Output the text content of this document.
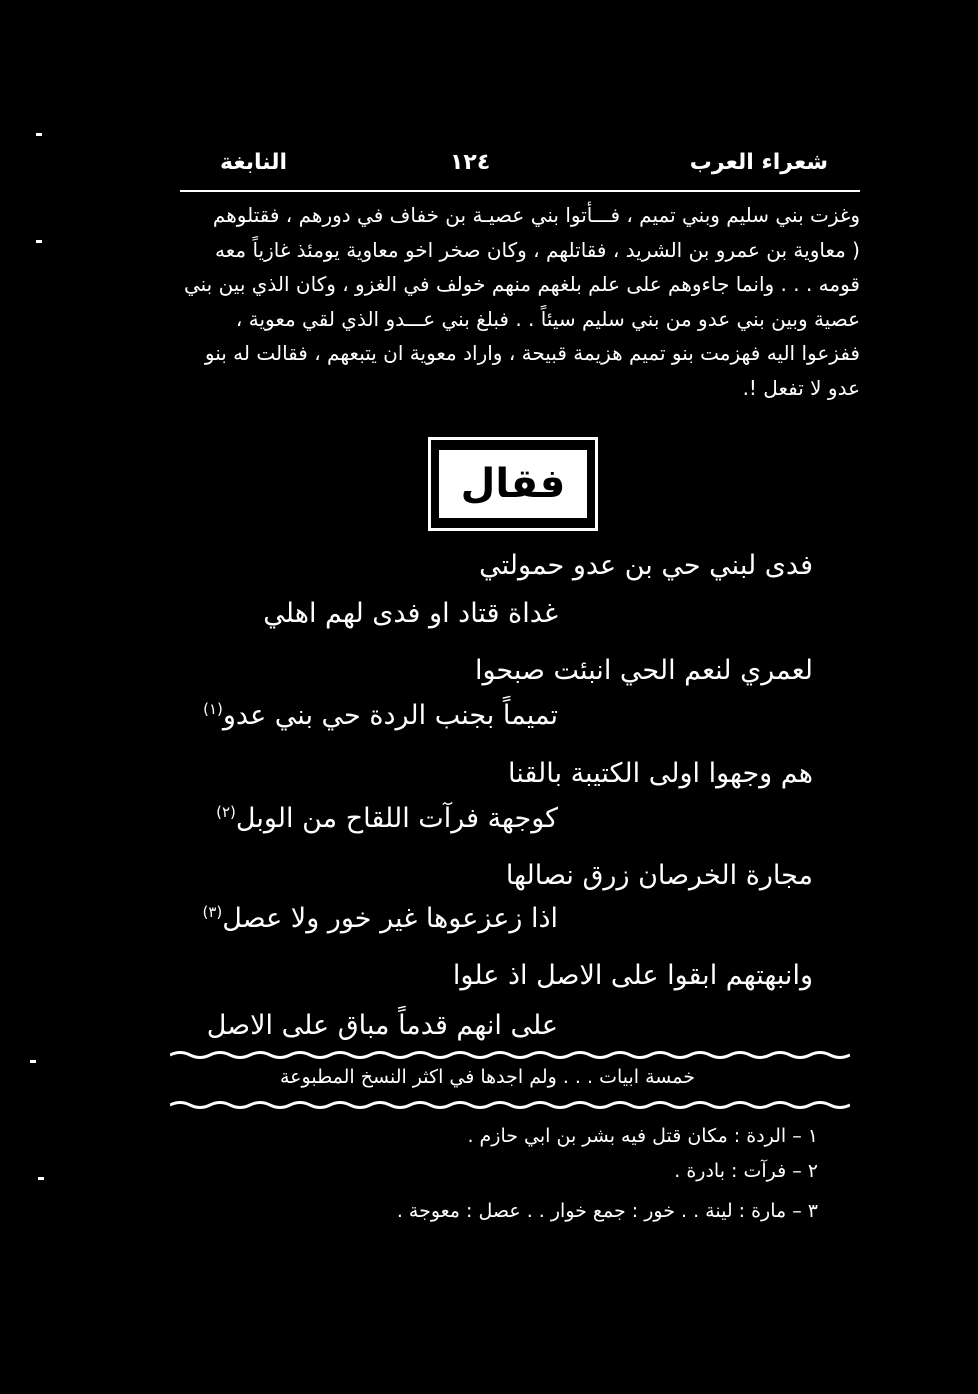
النابغة	١٢٤	شعراء العرب
وغزت بني سليم وبني تميم ، فـــأتوا بني عصيـة بن خفاف في دورهم ، فقتلوهم
( معاوية بن عمرو بن الشريد ، فقاتلهم ، وكان صخر اخو معاوية يومئذ غازياً معه
قومه . . . وانما جاءوهم على علم بلغهم منهم خولف في الغزو ، وكان الذي بين بني
عصية وبين بني عدو من بني سليم سيئاً . . فبلغ بني عـــدو الذي لقي معوية ،
ففزعوا اليه فهزمت بنو تميم هزيمة قبيحة ، واراد معوية ان يتبعهم ، فقالت له بنو
عدو لا تفعل !.
فقال
فدى لبني حي بن عدو حمولتي
غداة قتاد او فدى لهم اهلي
لعمري لنعم الحي انبئت صبحوا
تميماً بجنب الردة حي بني عدو$^{(١)}$
هم وجهوا اولى الكتيبة بالقنا
كوجهة فرآت اللقاح من الوبل$^{(٢)}$
مجارة الخرصان زرق نصالها
اذا زعزعوها غير خور ولا عصل$^{(٣)}$
وانبهتهم ابقوا على الاصل اذ علوا
على انهم قدماً مباق على الاصل
خمسة ابيات . . . ولم اجدها في اكثر النسخ المطبوعة
١ – الردة : مكان قتل فيه بشر بن ابي حازم .
٢ – فرآت : بادرة .
٣ – مارة : لينة . . خور : جمع خوار . . عصل : معوجة .
